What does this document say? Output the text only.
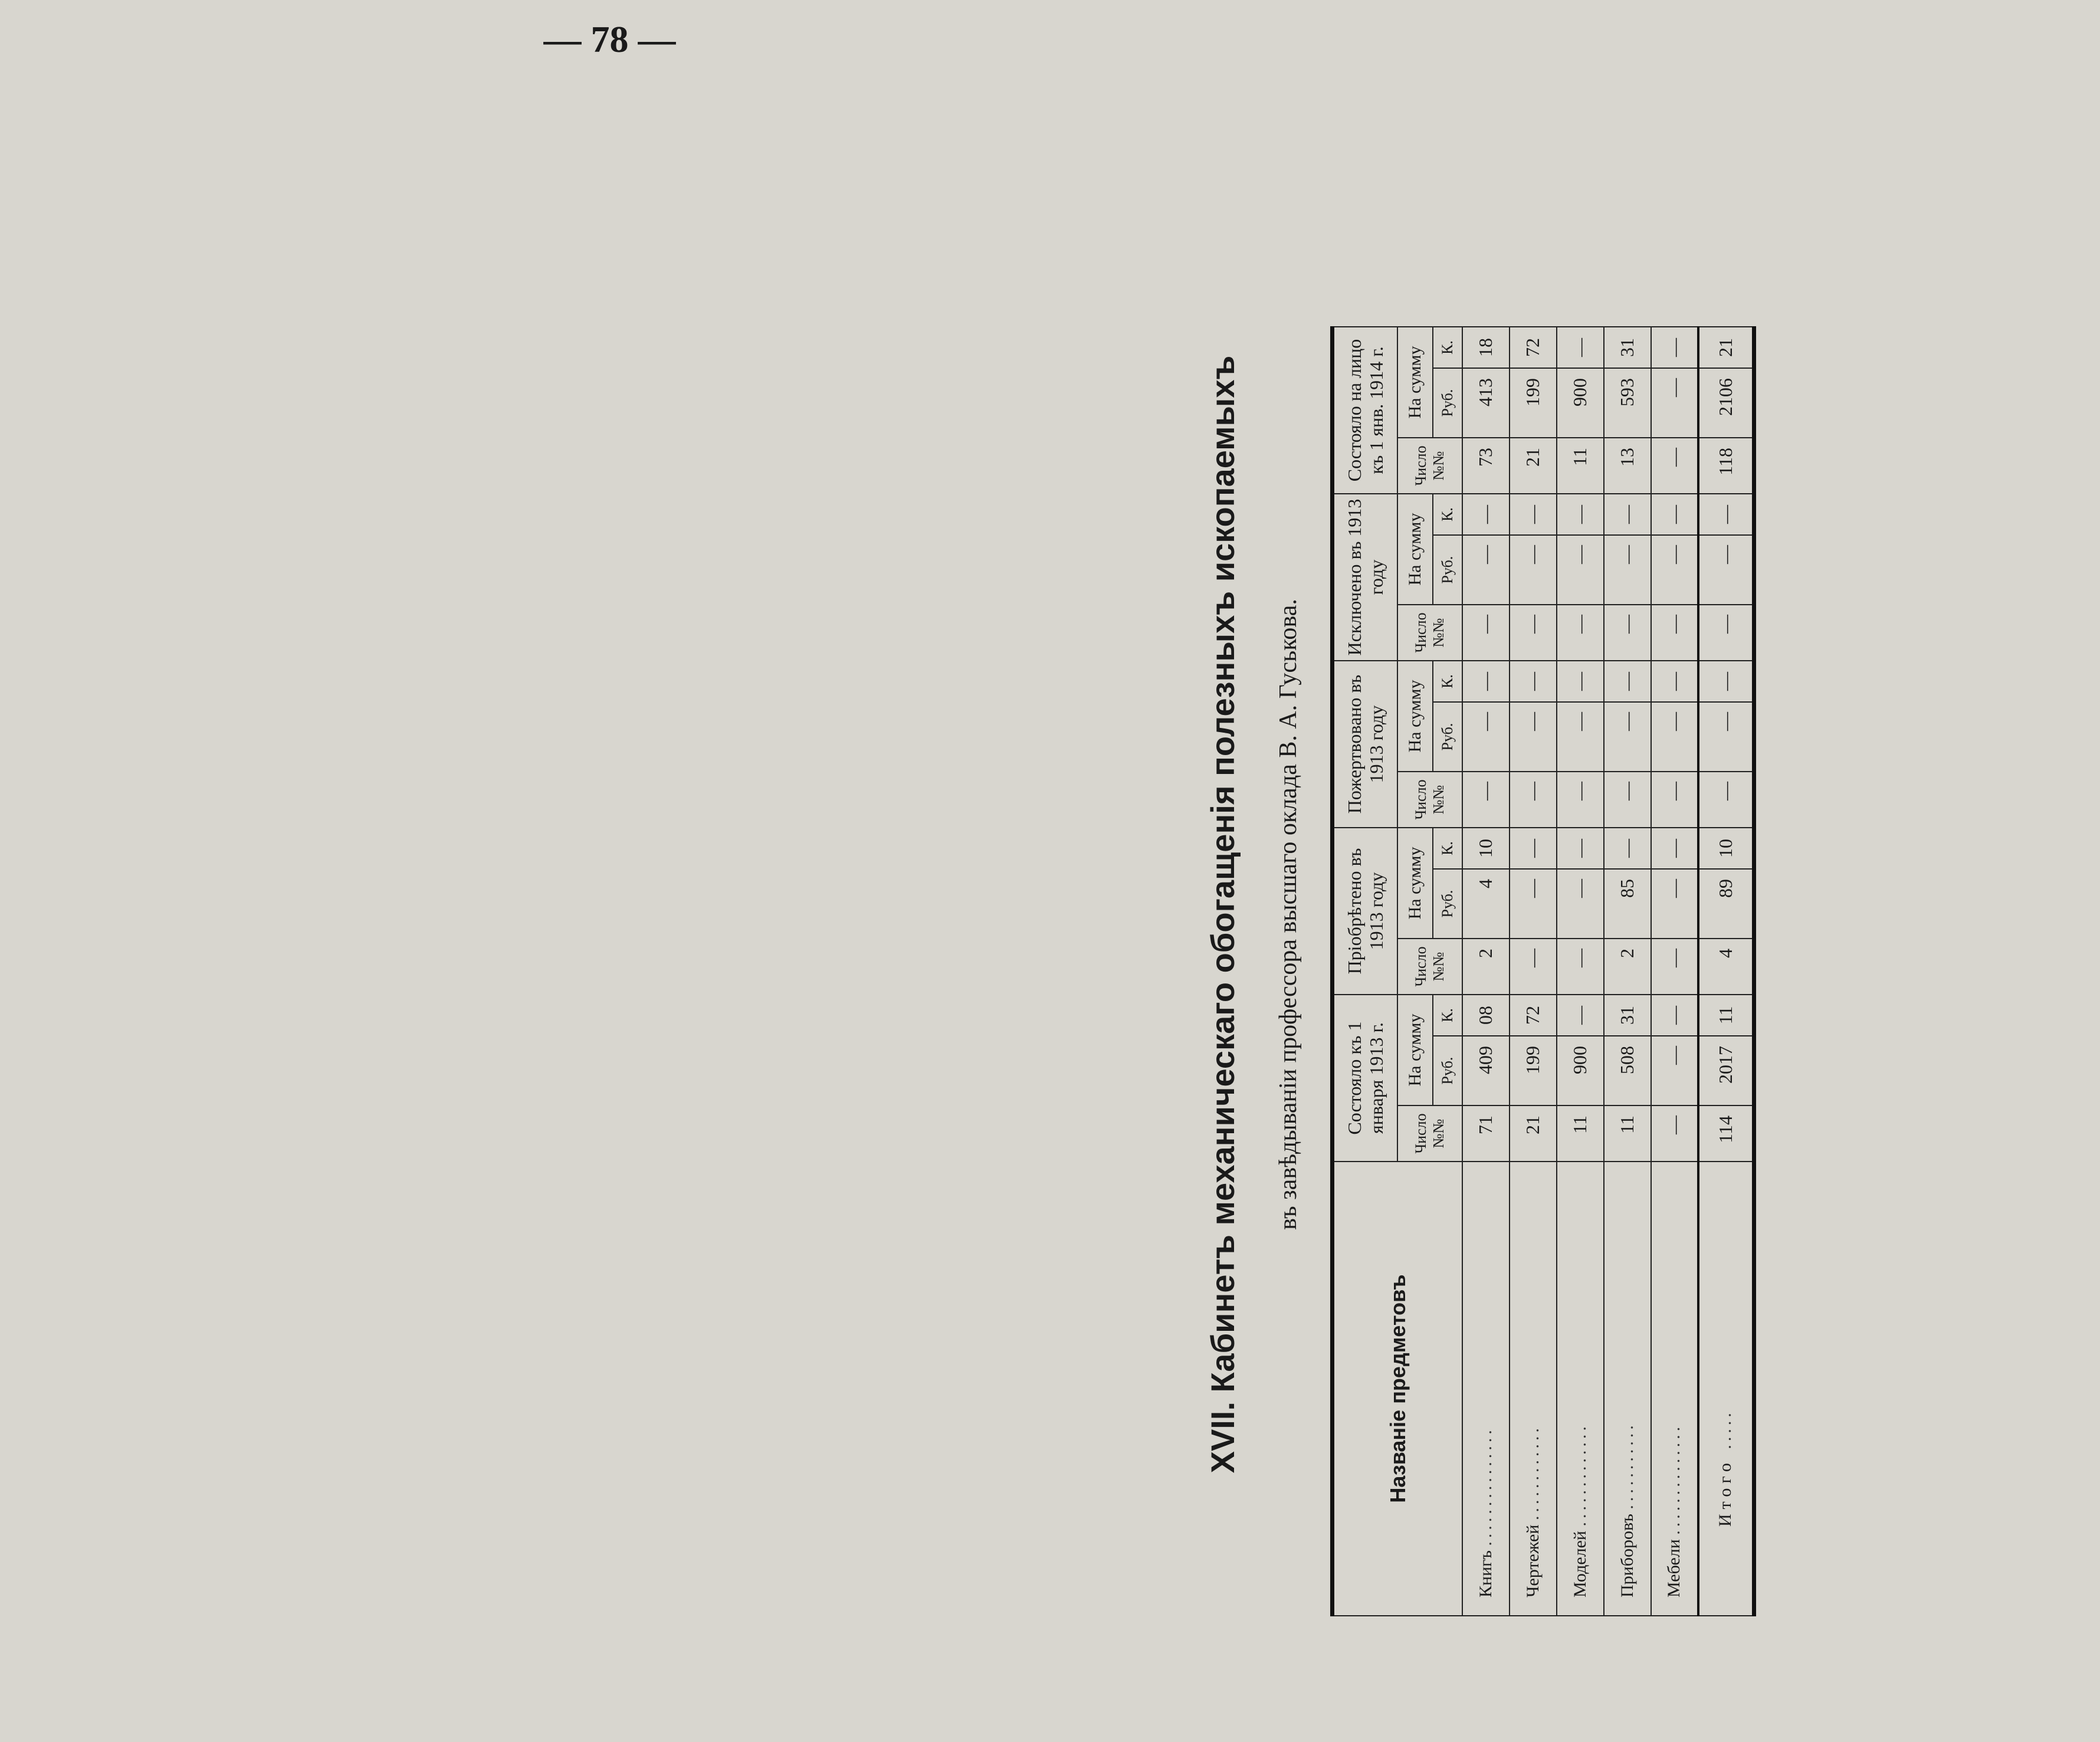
— 78 —
XVII. Кабинетъ механическаго обогащенія полезныхъ ископаемыхъ въ завѣдываніи профессора высшаго оклада В. А. Гуськова.
Названіе предметовъ	Состояло къ 1 января 1913 г.			Пріобрѣтено въ 1913 году			Пожертвовано въ 1913 году			Исключено въ 1913 году			Состояло на лицо къ 1 янв. 1914 г.		
	Число №№	На сумму		Число №№	На сумму		Число №№	На сумму		Число №№	На сумму		Число №№	На сумму	
		Руб.	К.		Руб.	К.		Руб.	К.		Руб.	К.		Руб.	К.
Книгъ ...............	71	409	08	2	4	10	—	—	—	—	—	—	73	413	18
Чертежей ............	21	199	72	—	—	—	—	—	—	—	—	—	21	199	72
Моделей .............	11	900	—	—	—	—	—	—	—	—	—	—	11	900	—
Приборовъ ...........	11	508	31	2	85	—	—	—	—	—	—	—	13	593	31
Мебели ..............	—	—	—	—	—	—	—	—	—	—	—	—	—	—	—
Итого .....	114	2017	11	4	89	10	—	—	—	—	—	—	118	2106	21
